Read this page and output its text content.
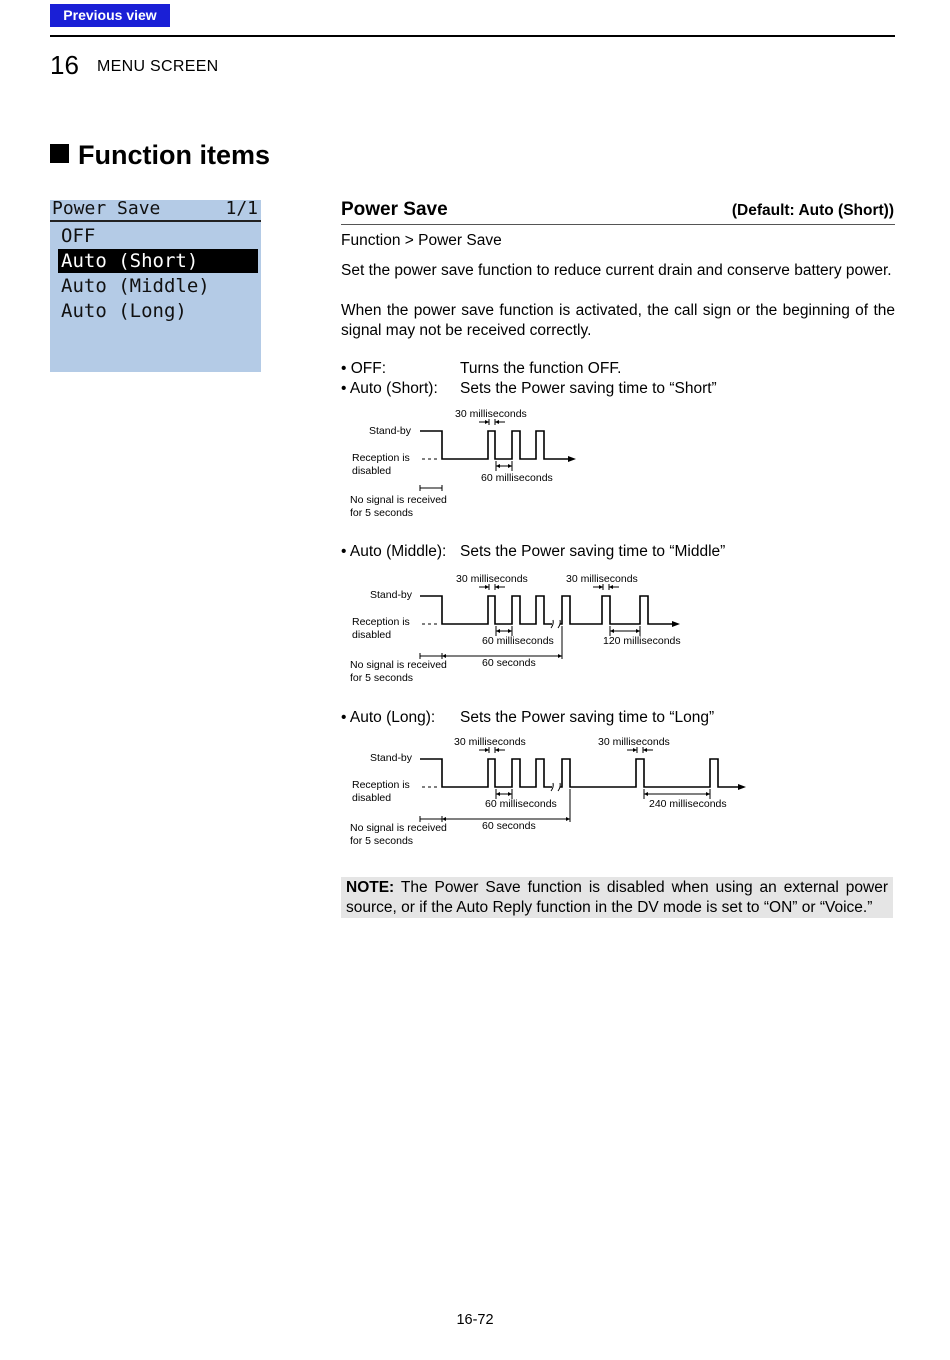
Previous view
16 MENU SCREEN
Function items
Power Save	1/1
OFF
Auto (Short)
Auto (Middle)
Auto (Long)
Power Save	(Default: Auto (Short))
Function > Power Save
Set the power save function to reduce current drain and conserve battery power.
When the power save function is activated, the call sign or the beginning of the signal may not be received correctly.
• OFF:	Turns the function OFF.
• Auto (Short): Sets the Power saving time to “Short”
30 milliseconds
Stand-by
Reception is
disabled
60 milliseconds
No signal is received
for 5 seconds
• Auto (Middle): Sets the Power saving time to “Middle”
30 milliseconds	30 milliseconds
Stand-by
Reception is
disabled	60 milliseconds	120 milliseconds
60 seconds
No signal is received
for 5 seconds
• Auto (Long): Sets the Power saving time to “Long”
30 milliseconds	30 milliseconds
Stand-by
Reception is
disabled	60 milliseconds	240 milliseconds
60 seconds
No signal is received
for 5 seconds
NOTE: The Power Save function is disabled when using an external power source, or if the Auto Reply function in the DV mode is set to “ON” or “Voice.”
16-72
